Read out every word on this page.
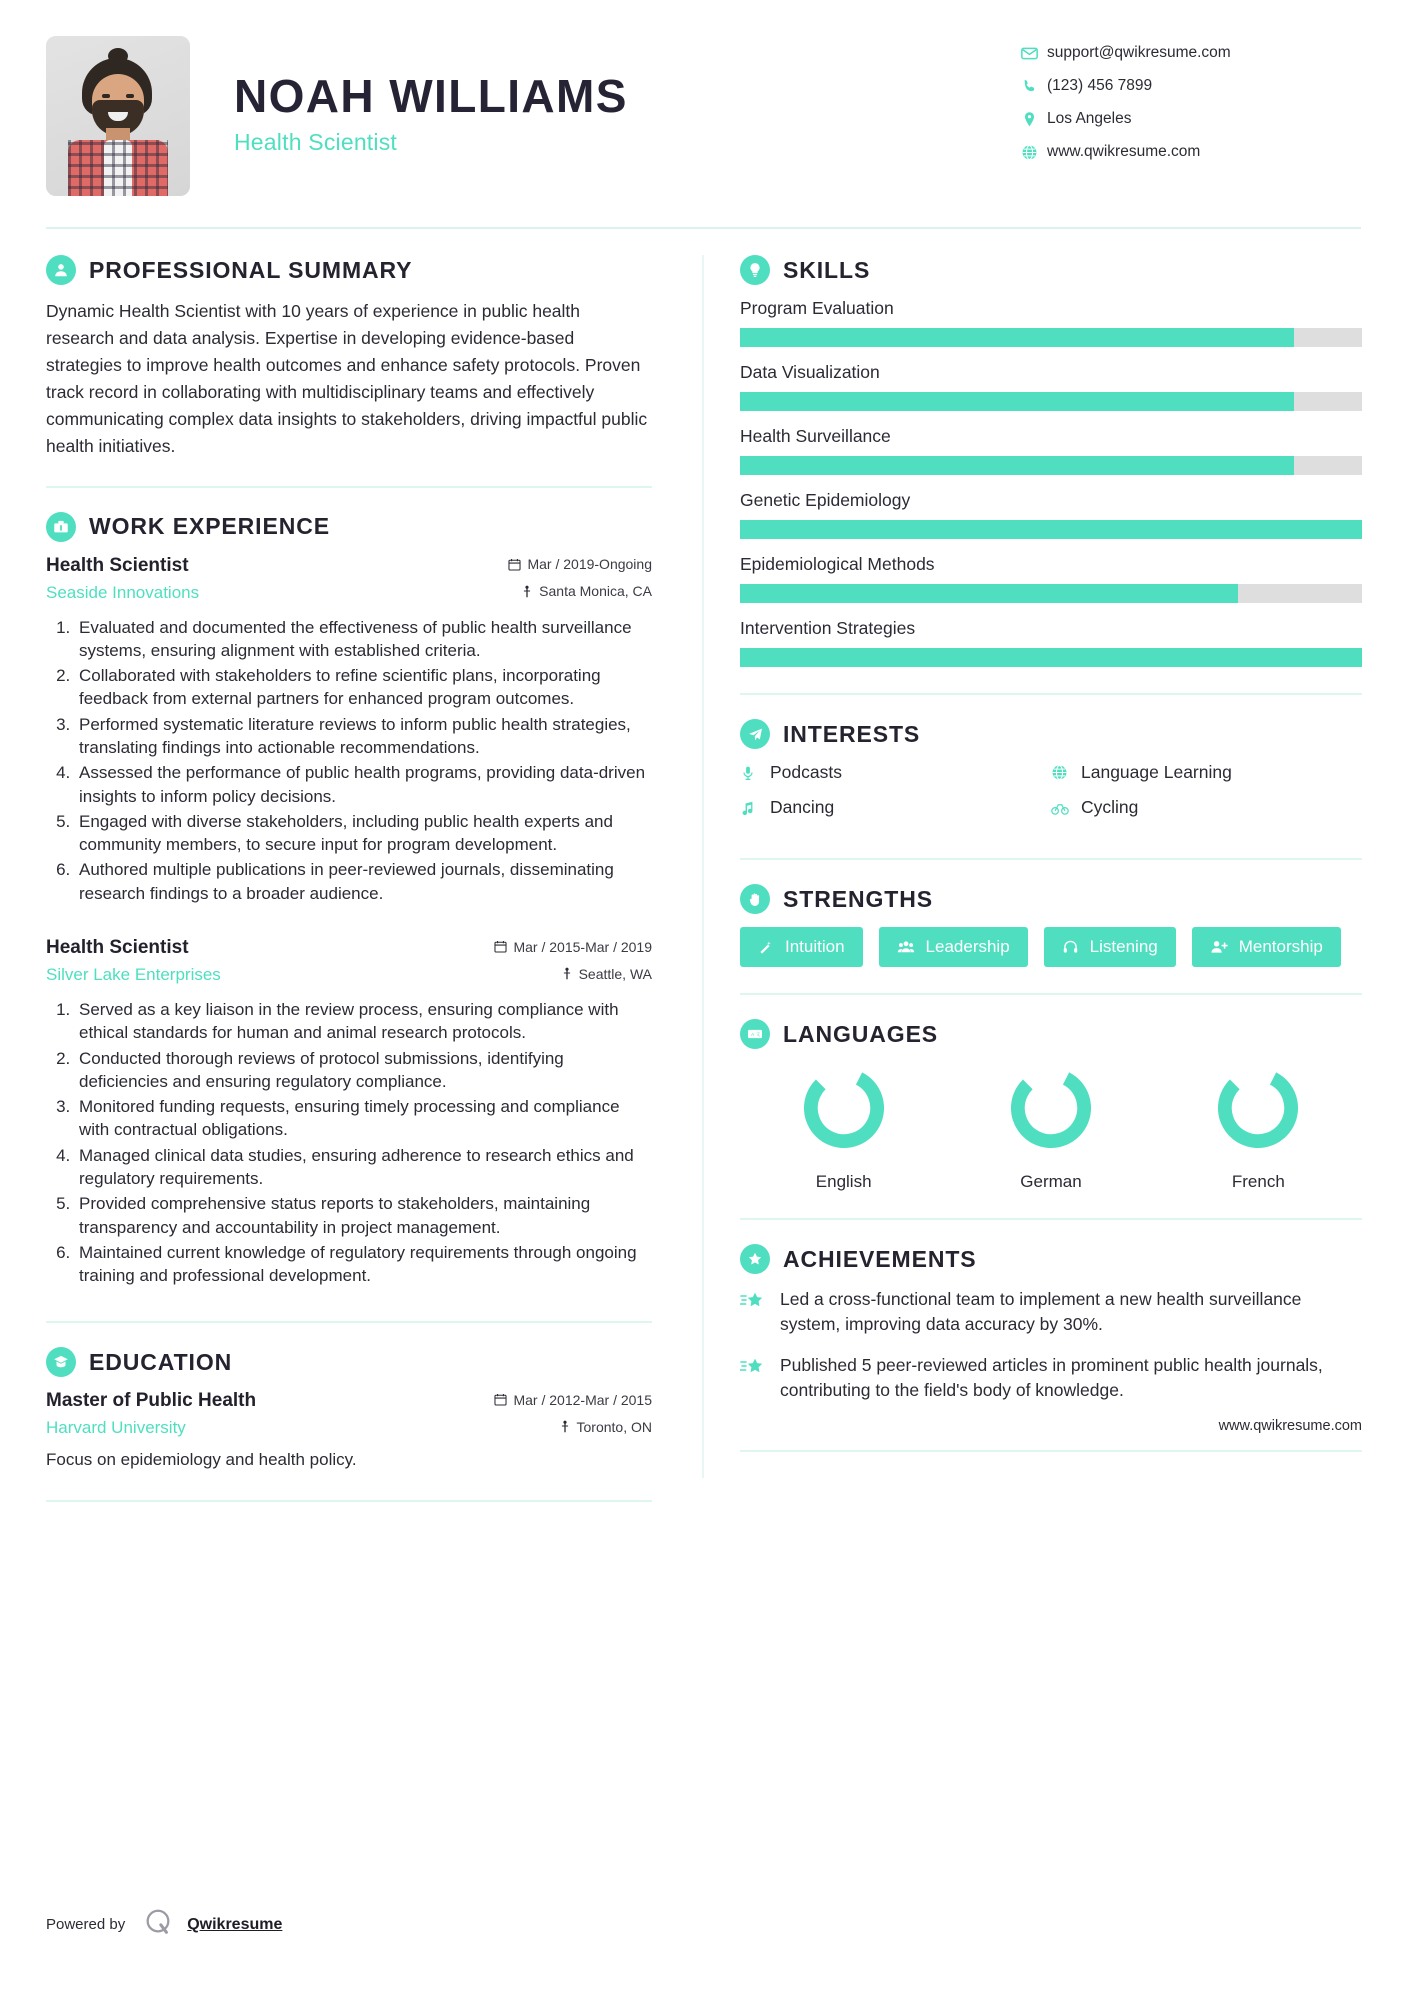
NOAH WILLIAMS
Health Scientist
support@qwikresume.com
(123) 456 7899
Los Angeles
www.qwikresume.com
PROFESSIONAL SUMMARY
Dynamic Health Scientist with 10 years of experience in public health research and data analysis. Expertise in developing evidence-based strategies to improve health outcomes and enhance safety protocols. Proven track record in collaborating with multidisciplinary teams and effectively communicating complex data insights to stakeholders, driving impactful public health initiatives.
WORK EXPERIENCE
Health Scientist	Mar / 2019-Ongoing
Seaside Innovations	Santa Monica, CA
1. Evaluated and documented the effectiveness of public health surveillance systems, ensuring alignment with established criteria.
2. Collaborated with stakeholders to refine scientific plans, incorporating feedback from external partners for enhanced program outcomes.
3. Performed systematic literature reviews to inform public health strategies, translating findings into actionable recommendations.
4. Assessed the performance of public health programs, providing data-driven insights to inform policy decisions.
5. Engaged with diverse stakeholders, including public health experts and community members, to secure input for program development.
6. Authored multiple publications in peer-reviewed journals, disseminating research findings to a broader audience.
Health Scientist	Mar / 2015-Mar / 2019
Silver Lake Enterprises	Seattle, WA
1. Served as a key liaison in the review process, ensuring compliance with ethical standards for human and animal research protocols.
2. Conducted thorough reviews of protocol submissions, identifying deficiencies and ensuring regulatory compliance.
3. Monitored funding requests, ensuring timely processing and compliance with contractual obligations.
4. Managed clinical data studies, ensuring adherence to research ethics and regulatory requirements.
5. Provided comprehensive status reports to stakeholders, maintaining transparency and accountability in project management.
6. Maintained current knowledge of regulatory requirements through ongoing training and professional development.
EDUCATION
Master of Public Health	Mar / 2012-Mar / 2015
Harvard University	Toronto, ON
Focus on epidemiology and health policy.
SKILLS
Program Evaluation
Data Visualization
Health Surveillance
Genetic Epidemiology
Epidemiological Methods
Intervention Strategies
INTERESTS
Podcasts	Language Learning
Dancing	Cycling
STRENGTHS
Intuition	Leadership	Listening	Mentorship
A 文 LANGUAGES
English	German	French
ACHIEVEMENTS
Led a cross-functional team to implement a new health surveillance system, improving data accuracy by 30%.
Published 5 peer-reviewed articles in prominent public health journals, contributing to the field's body of knowledge.
www.qwikresume.com
Powered by	Qwikresume
